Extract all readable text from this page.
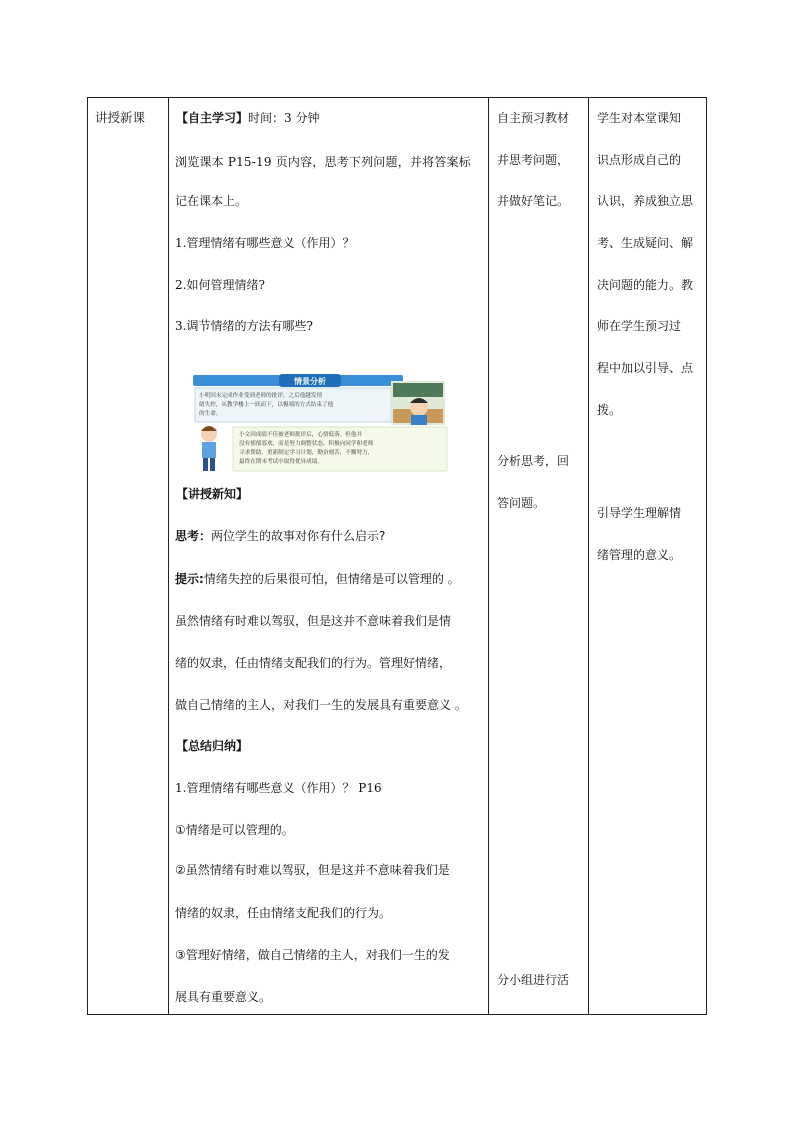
讲授新课	【自主学习】时间：3 分钟
浏览课本 P15-19 页内容，思考下列问题，并将答案标
记在课本上。
1.管理情绪有哪些意义（作用）？
2.如何管理情绪?
3.调节情绪的方法有哪些?
情景分析
小明因未完成作业受到老师的批评，之后他越发情
绪失控，从教学楼上一跃而下，以极端的方式结束了他
的生命。
小文因成绩不佳被老师批评后，心情低落。但他并
没有郁郁寡欢，而是努力调整状态，积极向同学和老师
寻求帮助，重新制定学习计划，勤奋刻苦，不懈努力，
最终在期末考试中取得优异成绩。
【讲授新知】
思考：两位学生的故事对你有什么启示?
提示:情绪失控的后果很可怕，但情绪是可以管理的 。
虽然情绪有时难以驾驭，但是这并不意味着我们是情
绪的奴隶，任由情绪支配我们的行为。管理好情绪，
做自己情绪的主人，对我们一生的发展具有重要意义 。
【总结归纳】
1.管理情绪有哪些意义（作用）？ P16
①情绪是可以管理的。
②虽然情绪有时难以驾驭，但是这并不意味着我们是
情绪的奴隶，任由情绪支配我们的行为。
③管理好情绪，做自己情绪的主人，对我们一生的发
展具有重要意义。
自主预习教材
并思考问题，
并做好笔记。
分析思考，回
答问题。
分小组进行活
学生对本堂课知
识点形成自己的
认识，养成独立思
考、生成疑问、解
决问题的能力。教
师在学生预习过
程中加以引导、点
拨。
引导学生理解情
绪管理的意义。
